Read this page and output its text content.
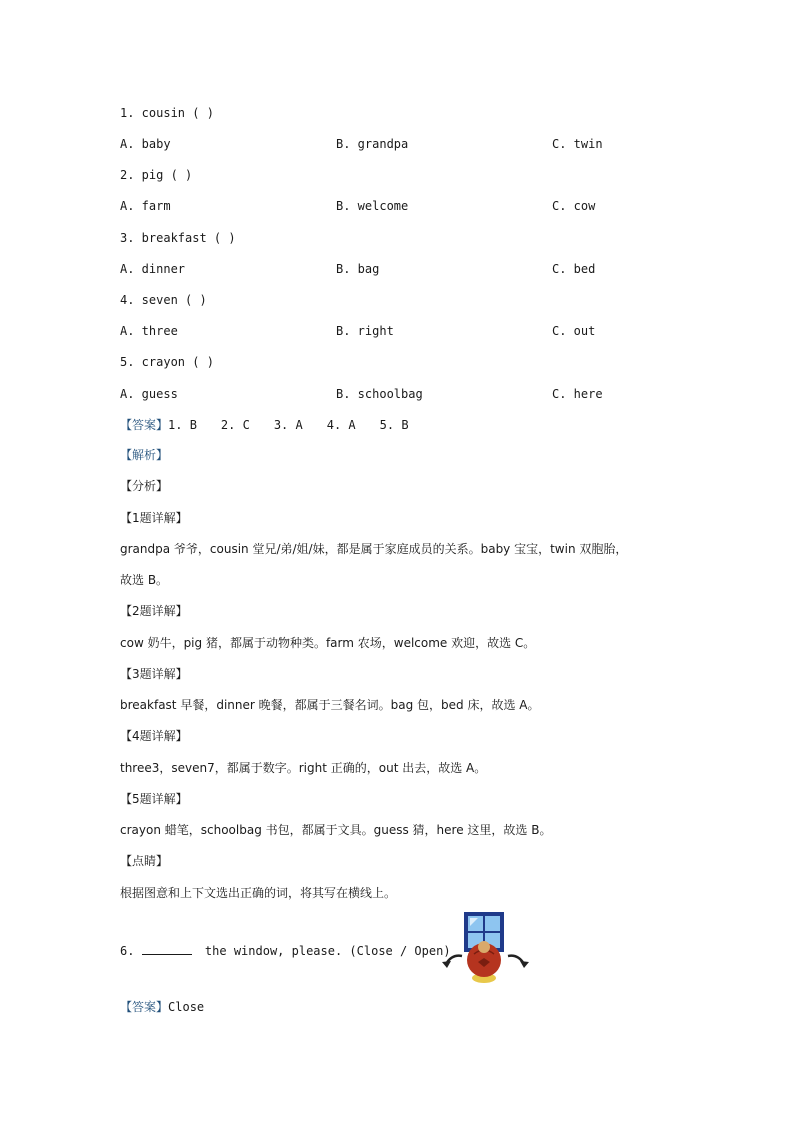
1. cousin ( )
A. baby	B. grandpa	C. twin
2. pig ( )
A. farm	B. welcome	C. cow
3. breakfast ( )
A. dinner	B. bag	C. bed
4. seven ( )
A. three	B. right	C. out
5. crayon ( )
A. guess	B. schoolbag	C. here
【答案】1. B 2. C 3. A 4. A 5. B
【解析】
【分析】
【1题详解】
grandpa 爷爷，cousin 堂兄/弟/姐/妹，都是属于家庭成员的关系。baby 宝宝，twin 双胞胎，
故选 B。
【2题详解】
cow 奶牛，pig 猪，都属于动物种类。farm 农场，welcome 欢迎，故选 C。
【3题详解】
breakfast 早餐，dinner 晚餐，都属于三餐名词。bag 包，bed 床，故选 A。
【4题详解】
three3，seven7，都属于数字。right 正确的，out 出去，故选 A。
【5题详解】
crayon 蜡笔，schoolbag 书包，都属于文具。guess 猜，here 这里，故选 B。
【点睛】
根据图意和上下文选出正确的词，将其写在横线上。
6.	the window, please. (Close / Open)
【答案】Close
